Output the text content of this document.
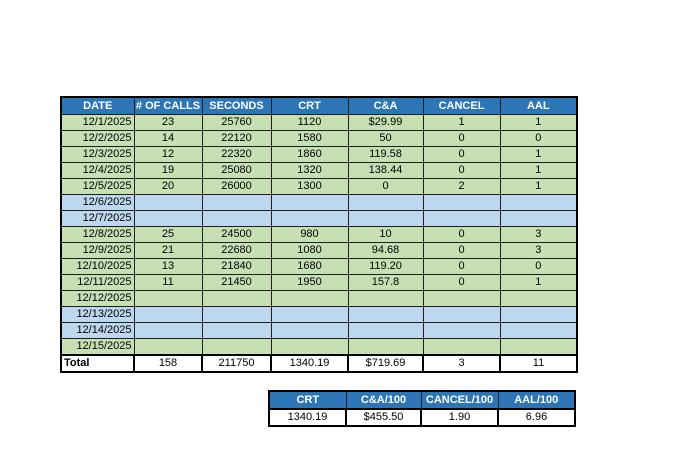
DATE	# OF CALLS	SECONDS	CRT	C&A	CANCEL	AAL
12/1/2025	23	25760	1120	$29.99	1	1
12/2/2025	14	22120	1580	50	0	0
12/3/2025	12	22320	1860	119.58	0	1
12/4/2025	19	25080	1320	138.44	0	1
12/5/2025	20	26000	1300	0	2	1
12/6/2025						
12/7/2025						
12/8/2025	25	24500	980	10	0	3
12/9/2025	21	22680	1080	94.68	0	3
12/10/2025	13	21840	1680	119.20	0	0
12/11/2025	11	21450	1950	157.8	0	1
12/12/2025						
12/13/2025						
12/14/2025						
12/15/2025						
Total	158	211750	1340.19	$719.69	3	11
CRT	C&A/100	CANCEL/100	AAL/100
1340.19	$455.50	1.90	6.96
